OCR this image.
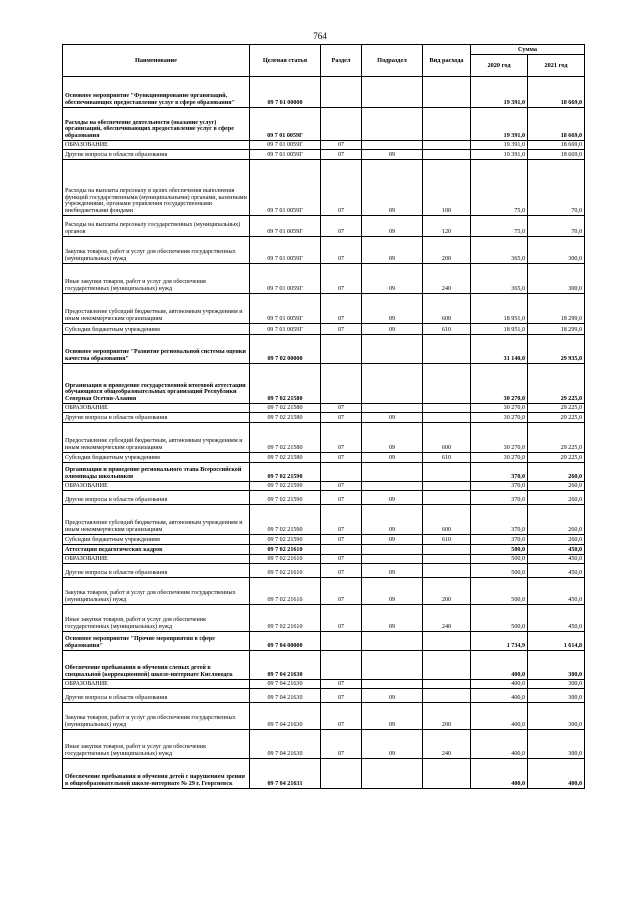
764
Наименование	Целевая статья	Раздел	Подраздел	Вид расхода	Сумма	
					2020 год	2021 год
Основное мероприятие "Функционирование организаций, обеспечивающих предоставление услуг в сфере образования"	09 7 01 00000				19 391,0	18 669,0
Расходы на обеспечение деятельности (оказание услуг) организаций, обеспечивающих предоставление услуг в сфере образования	09 7 01 0059Г				19 391,0	18 669,0
ОБРАЗОВАНИЕ	09 7 01 0059Г	07			19 391,0	18 669,0
Другие вопросы в области образования	09 7 01 0059Г	07	09		19 391,0	18 669,0
Расходы на выплаты персоналу в целях обеспечения выполнения функций государственными (муниципальными) органами, казенными учреждениями, органами управления государственными внебюджетными фондами	09 7 01 0059Г	07	09	100	75,0	70,0
Расходы на выплаты персоналу государственных (муниципальных) органов	09 7 01 0059Г	07	09	120	75,0	70,0
Закупка товаров, работ и услуг для обеспечения государственных (муниципальных) нужд	09 7 01 0059Г	07	09	200	365,0	300,0
Иные закупки товаров, работ и услуг для обеспечения государственных (муниципальных) нужд	09 7 01 0059Г	07	09	240	365,0	300,0
Предоставление субсидий бюджетным, автономным учреждениям и иным некоммерческим организациям	09 7 01 0059Г	07	09	600	18 951,0	18 299,0
Субсидии бюджетным учреждениям	09 7 01 0059Г	07	09	610	18 951,0	18 299,0
Основное мероприятие "Развитие региональной системы оценки качества образования"	09 7 02 00000				31 140,0	29 935,0
Организация и проведение государственной итоговой аттестации обучающихся общеобразовательных организаций Республики Северная Осетия-Алания	09 7 02 21580				30 270,0	29 225,0
ОБРАЗОВАНИЕ	09 7 02 21580	07			30 270,0	29 225,0
Другие вопросы в области образования	09 7 02 21580	07	09		30 270,0	29 225,0
Предоставление субсидий бюджетным, автономным учреждениям и иным некоммерческим организациям	09 7 02 21580	07	09	600	30 270,0	29 225,0
Субсидии бюджетным учреждениям	09 7 02 21580	07	09	610	30 270,0	29 225,0
Организация и проведение регионального этапа Всероссийской олимпиады школьников	09 7 02 21590				370,0	260,0
ОБРАЗОВАНИЕ	09 7 02 21590	07			370,0	260,0
Другие вопросы в области образования	09 7 02 21590	07	09		370,0	260,0
Предоставление субсидий бюджетным, автономным учреждениям и иным некоммерческим организациям	09 7 02 21590	07	09	600	370,0	260,0
Субсидии бюджетным учреждениям	09 7 02 21590	07	09	610	370,0	260,0
Аттестация педагогических кадров	09 7 02 21610				500,0	450,0
ОБРАЗОВАНИЕ	09 7 02 21610	07			500,0	450,0
Другие вопросы в области образования	09 7 02 21610	07	09		500,0	450,0
Закупка товаров, работ и услуг для обеспечения государственных (муниципальных) нужд	09 7 02 21610	07	09	200	500,0	450,0
Иные закупки товаров, работ и услуг для обеспечения государственных (муниципальных) нужд	09 7 02 21610	07	09	240	500,0	450,0
Основное мероприятие "Прочие мероприятия в сфере образования"	09 7 04 00000				1 734,9	1 614,8
Обеспечение пребывания и обучения слепых детей в специальной (коррекционной) школе-интернате Кисловодск	09 7 04 21630				400,0	300,0
ОБРАЗОВАНИЕ	09 7 04 21630	07			400,0	300,0
Другие вопросы в области образования	09 7 04 21630	07	09		400,0	300,0
Закупка товаров, работ и услуг для обеспечения государственных (муниципальных) нужд	09 7 04 21630	07	09	200	400,0	300,0
Иные закупки товаров, работ и услуг для обеспечения государственных (муниципальных) нужд	09 7 04 21630	07	09	240	400,0	300,0
Обеспечение пребывания и обучения детей с нарушением зрения в общеобразовательной школе-интернате № 29 г. Георгиевск	09 7 04 21631				400,0	400,0
